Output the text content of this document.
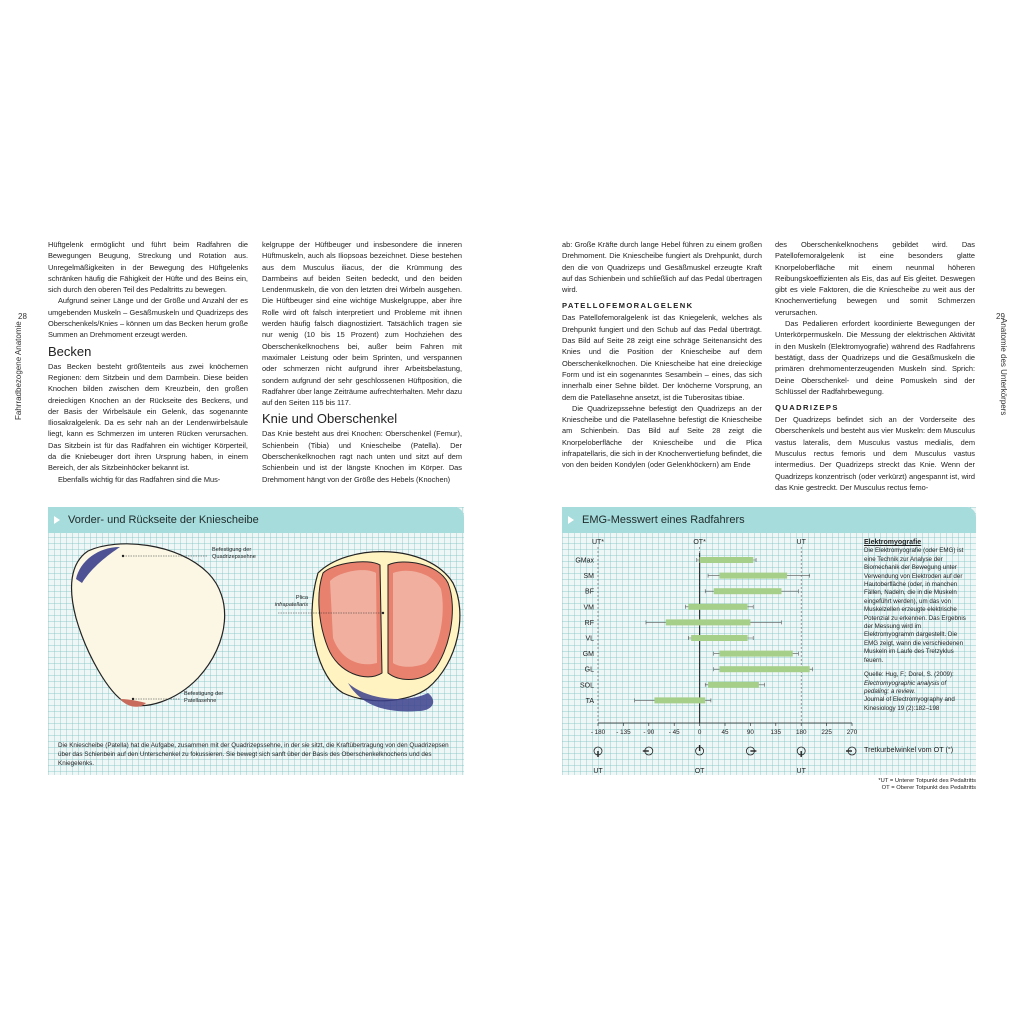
28
Fahrradbezogene Anatomie

Hüftgelenk ermöglicht und führt beim Radfahren die Bewegungen Beugung, Streckung und Rotation aus. Unregelmäßigkeiten in der Bewegung des Hüftgelenks schränken häufig die Fähigkeit der Hüfte und des Beins ein, sich durch den oberen Teil des Pedaltritts zu bewegen.

Aufgrund seiner Länge und der Größe und Anzahl der es umgebenden Muskeln – Gesäßmuskeln und Quadrizeps des Oberschenkels/Knies – können um das Becken herum große Summen an Drehmoment erzeugt werden.

Becken

Das Becken besteht größtenteils aus zwei knöchernen Regionen: dem Sitzbein und dem Darmbein. Diese beiden Knochen bilden zwischen dem Kreuzbein, den großen dreieckigen Knochen an der Rückseite des Beckens, und der Basis der Wirbelsäule ein Gelenk, das sogenannte Iliosakralgelenk. Da es sehr nah an der Lendenwirbelsäule liegt, kann es Schmerzen im unteren Rücken verursachen. Das Sitzbein ist für das Radfahren ein wichtiger Körperteil, da die Kniebeuger dort ihren Ursprung haben, in einem Bereich, der als Sitzbeinhöcker bekannt ist.

Ebenfalls wichtig für das Radfahren sind die Mus-

kelgruppe der Hüftbeuger und insbesondere die inneren Hüftmuskeln, auch als Iliopsoas bezeichnet. Diese bestehen aus dem Musculus iliacus, der die Krümmung des Darmbeins auf beiden Seiten bedeckt, und den beiden Lendenmuskeln, die von den letzten drei Wirbeln ausgehen. Die Hüftbeuger sind eine wichtige Muskelgruppe, aber ihre Rolle wird oft falsch interpretiert und Probleme mit ihnen werden häufig falsch diagnostiziert. Tatsächlich tragen sie nur wenig (10 bis 15 Prozent) zum Hochziehen des Oberschenkelknochens bei, außer beim Fahren mit maximaler Leistung oder beim Sprinten, und verspannen oder schmerzen nicht aufgrund ihrer Arbeitsbelastung, sondern aufgrund der sehr geschlossenen Hüftposition, die Radfahrer über lange Zeiträume aufrechterhalten. Mehr dazu auf den Seiten 115 bis 117.

Knie und Oberschenkel

Das Knie besteht aus drei Knochen: Oberschenkel (Femur), Schienbein (Tibia) und Kniescheibe (Patella). Der Oberschenkelknochen ragt nach unten und sitzt auf dem Schienbein und ist der längste Knochen im Körper. Das Drehmoment hängt von der Größe des Hebels (Knochen)

Vorder- und Rückseite der Kniescheibe
Befestigung der Quadrizepssehne
Plica
infrapatellaris
Befestigung der Patellasehne
Die Kniescheibe (Patella) hat die Aufgabe, zusammen mit der Quadrizepssehne, in der sie sitzt, die Kraftübertragung von den Quadrizepsen über das Schienbein auf den Unterschenkel zu fokussieren. Sie bewegt sich sanft über der Basis des Oberschenkelknochens und des Kniegelenks.
29
Anatomie des Unterkörpers

ab: Große Kräfte durch lange Hebel führen zu einem großen Drehmoment. Die Kniescheibe fungiert als Drehpunkt, durch den die von Quadrizeps und Gesäßmuskel erzeugte Kraft auf das Schienbein und schließlich auf das Pedal übertragen wird.

PATELLOFEMORALGELENK

Das Patellofemoralgelenk ist das Kniegelenk, welches als Drehpunkt fungiert und den Schub auf das Pedal überträgt. Das Bild auf Seite 28 zeigt eine schräge Seitenansicht des Knies und die Position der Kniescheibe auf dem Oberschenkelknochen. Die Kniescheibe hat eine dreieckige Form und ist ein sogenanntes Sesambein – eines, das sich innerhalb einer Sehne bildet. Der knöcherne Vorsprung, an dem die Patellasehne ansetzt, ist die Tuberositas tibiae.

Die Quadrizepssehne befestigt den Quadrizeps an der Kniescheibe und die Patellasehne befestigt die Kniescheibe am Schienbein. Das Bild auf Seite 28 zeigt die Knorpeloberfläche der Kniescheibe und die Plica infrapatellaris, die sich in der Knochenvertiefung befindet, die von den beiden Kondylen (oder Gelenkhöckern) am Ende

des Oberschenkelknochens gebildet wird. Das Patellofemoralgelenk ist eine besonders glatte Knorpeloberfläche mit einem neunmal höheren Reibungskoeffizienten als Eis, das auf Eis gleitet. Deswegen gibt es viele Faktoren, die die Kniescheibe zu weit aus der Knochenvertiefung bewegen und somit Schmerzen verursachen.

Das Pedalieren erfordert koordinierte Bewegungen der Unterkörpermuskeln. Die Messung der elektrischen Aktivität in den Muskeln (Elektromyografie) während des Radfahrens bestätigt, dass der Quadrizeps und die Gesäßmuskeln die primären drehmomenterzeugenden Muskeln sind. Sprich: Deine Oberschenkel- und deine Pomuskeln sind der Schlüssel der Radfahrbewegung.

QUADRIZEPS

Der Quadrizeps befindet sich an der Vorderseite des Oberschenkels und besteht aus vier Muskeln: dem Musculus vastus lateralis, dem Musculus vastus medialis, dem Musculus rectus femoris und dem Musculus vastus intermedius. Der Quadrizeps streckt das Knie. Wenn der Quadrizeps konzentrisch (oder verkürzt) angespannt ist, wird das Knie gestreckt. Der Musculus rectus femo-

EMG-Messwert eines Radfahrers
UT*
UT
OT*
OT
UT
UT
- 180 - 135 - 90 - 45	0	45	90	135 180 225 270
GMax
SM
BF
VM
RF
VL
GM
GL
SOL
TA
Elektromyografie
Die Elektromyografie (oder EMG) ist eine Technik zur Analyse der Biomechanik der Bewegung unter Verwendung von Elektroden auf der Hautoberfläche (oder, in manchen Fällen, Nadeln, die in die Muskeln eingeführt werden), um das von Muskelzellen erzeugte elektrische Potenzial zu erkennen. Das Ergebnis der Messung wird im Elektromyogramm dargestellt. Die EMG zeigt, wann die verschiedenen Muskeln im Laufe des Tretzyklus feuern.
Quelle: Hug, F.; Dorel, S. (2009):
Electromyographic analysis of pedaling: a review.
Journal of Electromyography and Kinesiology 19 (2):182–198
Tretkurbelwinkel vom OT (°)
*UT = Unterer Totpunkt des Pedaltritts
OT = Oberer Totpunkt des Pedaltritts
